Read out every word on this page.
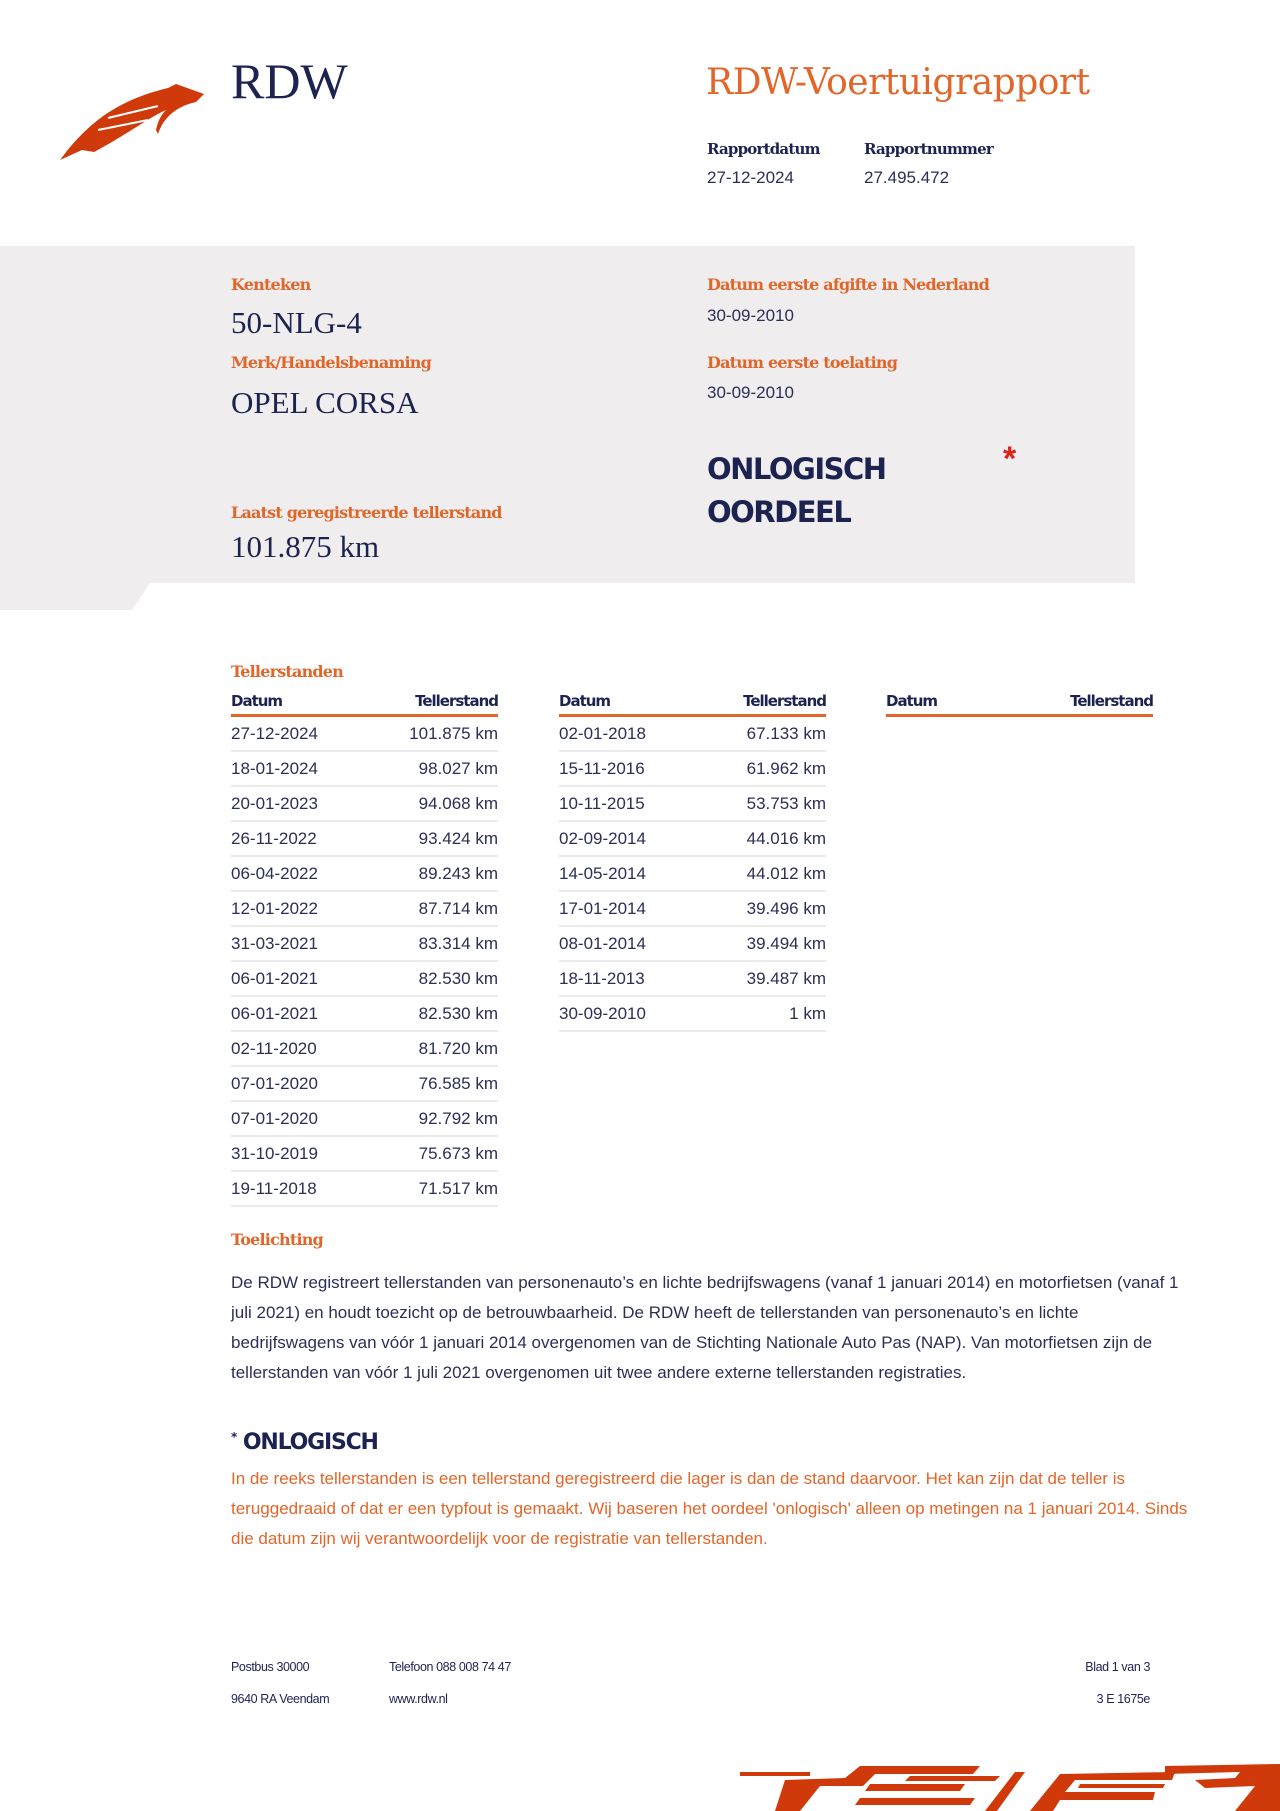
RDW	RDW-Voertuigrapport
Rapportdatum
27-12-2024
Rapportnummer
27.495.472
Kenteken
50-NLG-4
Merk/Handelsbenaming
OPEL CORSA
Laatst geregistreerde tellerstand
101.875 km
Datum eerste afgifte in Nederland
30-09-2010
Datum eerste toelating
30-09-2010
ONLOGISCH
OORDEEL
*
Tellerstanden
Datum	Tellerstand
27-12-2024	101.875 km
18-01-2024	98.027 km
20-01-2023	94.068 km
26-11-2022	93.424 km
06-04-2022	89.243 km
12-01-2022	87.714 km
31-03-2021	83.314 km
06-01-2021	82.530 km
06-01-2021	82.530 km
02-11-2020	81.720 km
07-01-2020	76.585 km
07-01-2020	92.792 km
31-10-2019	75.673 km
19-11-2018	71.517 km
Datum	Tellerstand
02-01-2018	67.133 km
15-11-2016	61.962 km
10-11-2015	53.753 km
02-09-2014	44.016 km
14-05-2014	44.012 km
17-01-2014	39.496 km
08-01-2014	39.494 km
18-11-2013	39.487 km
30-09-2010	1 km
Datum	Tellerstand
Toelichting
De RDW registreert tellerstanden van personenauto’s en lichte bedrijfswagens (vanaf 1 januari 2014) en motorfietsen (vanaf 1 juli 2021) en houdt toezicht op de betrouwbaarheid. De RDW heeft de tellerstanden van personenauto’s en lichte bedrijfswagens van vóór 1 januari 2014 overgenomen van de Stichting Nationale Auto Pas (NAP). Van motorfietsen zijn de tellerstanden van vóór 1 juli 2021 overgenomen uit twee andere externe tellerstanden registraties.
* ONLOGISCH
In de reeks tellerstanden is een tellerstand geregistreerd die lager is dan de stand daarvoor. Het kan zijn dat de teller is teruggedraaid of dat er een typfout is gemaakt. Wij baseren het oordeel 'onlogisch' alleen op metingen na 1 januari 2014. Sinds die datum zijn wij verantwoordelijk voor de registratie van tellerstanden.
Postbus 30000
9640 RA Veendam
Telefoon 088 008 74 47
www.rdw.nl
Blad 1 van 3
3 E 1675e
